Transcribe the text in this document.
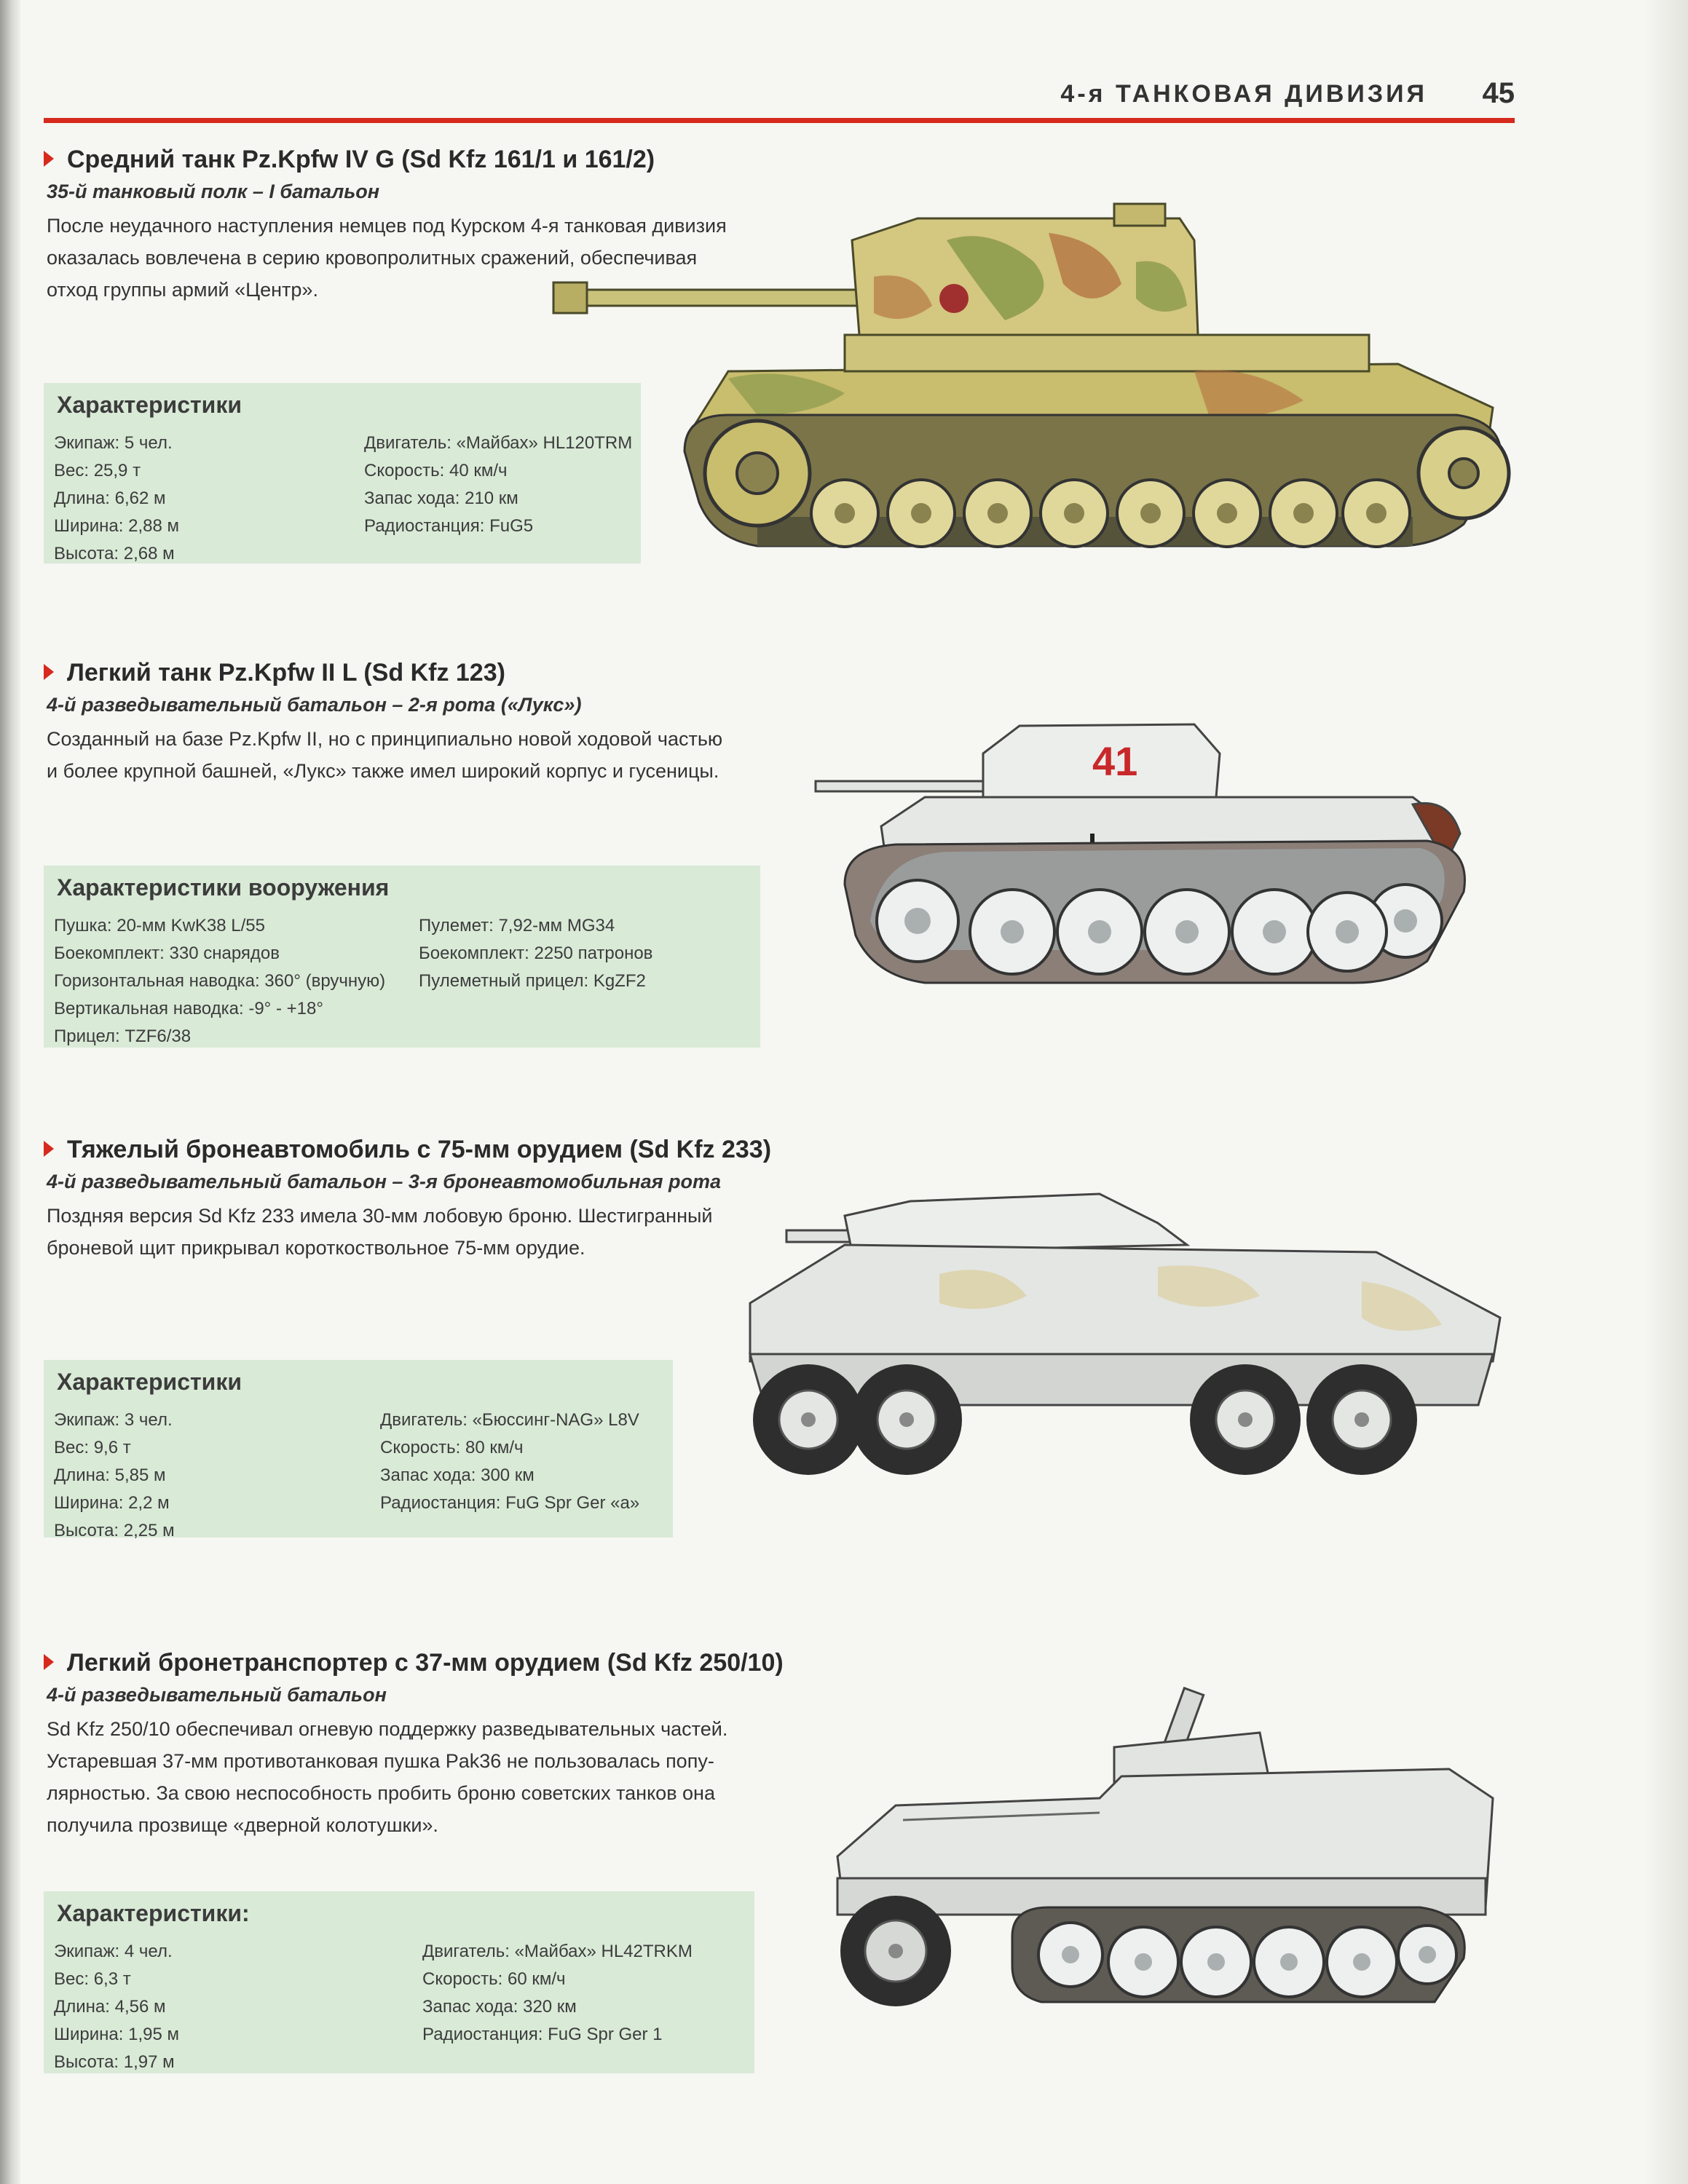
4-я ТАНКОВАЯ ДИВИЗИЯ 45
Средний танк Pz.Kpfw IV G (Sd Kfz 161/1 и 161/2)
35-й танковый полк – I батальон
После неудачного наступления немцев под Курском 4-я танковая дивизия
оказалась вовлечена в серию кровопролитных сражений, обеспечивая
отход группы армий «Центр».
Характеристики
Экипаж: 5 чел.
Вес: 25,9 т
Длина: 6,62 м
Ширина: 2,88 м
Высота: 2,68 м
Двигатель: «Майбах» HL120TRM
Скорость: 40 км/ч
Запас хода: 210 км
Радиостанция: FuG5
Легкий танк Pz.Kpfw II L (Sd Kfz 123)
4-й разведывательный батальон – 2-я рота («Лукс»)
Созданный на базе Pz.Kpfw II, но с принципиально новой ходовой частью
и более крупной башней, «Лукс» также имел широкий корпус и гусеницы.
Характеристики вооружения
Пушка: 20-мм KwK38 L/55
Боекомплект: 330 снарядов
Горизонтальная наводка: 360° (вручную)
Вертикальная наводка: -9° - +18°
Прицел: TZF6/38
Пулемет: 7,92-мм MG34
Боекомплект: 2250 патронов
Пулеметный прицел: KgZF2
41
Тяжелый бронеавтомобиль с 75-мм орудием (Sd Kfz 233)
4-й разведывательный батальон – 3-я бронеавтомобильная рота
Поздняя версия Sd Kfz 233 имела 30-мм лобовую броню. Шестигранный
броневой щит прикрывал короткоствольное 75-мм орудие.
Характеристики
Экипаж: 3 чел.
Вес: 9,6 т
Длина: 5,85 м
Ширина: 2,2 м
Высота: 2,25 м
Двигатель: «Бюссинг-NAG» L8V
Скорость: 80 км/ч
Запас хода: 300 км
Радиостанция: FuG Spr Ger «a»
Легкий бронетранспортер с 37-мм орудием (Sd Kfz 250/10)
4-й разведывательный батальон
Sd Kfz 250/10 обеспечивал огневую поддержку разведывательных частей.
Устаревшая 37-мм противотанковая пушка Pak36 не пользовалась попу-
лярностью. За свою неспособность пробить броню советских танков она
получила прозвище «дверной колотушки».
Характеристики:
Экипаж: 4 чел.
Вес: 6,3 т
Длина: 4,56 м
Ширина: 1,95 м
Высота: 1,97 м
Двигатель: «Майбах» HL42TRKM
Скорость: 60 км/ч
Запас хода: 320 км
Радиостанция: FuG Spr Ger 1
